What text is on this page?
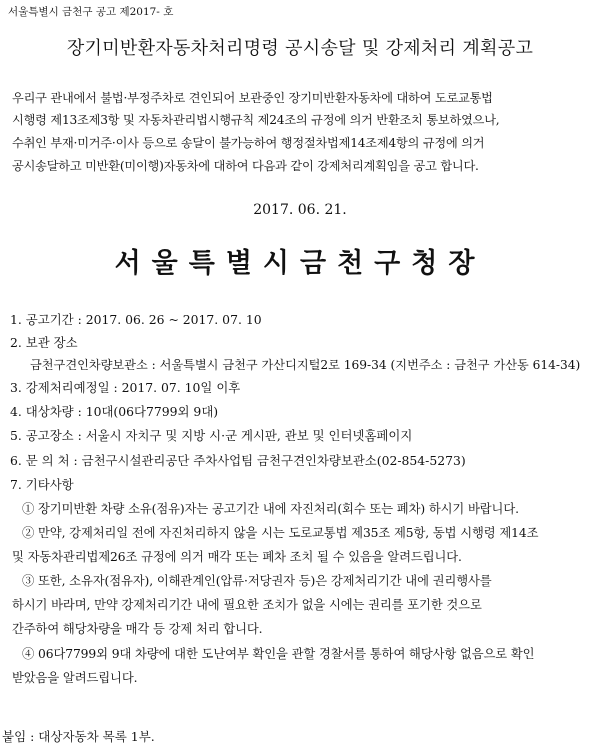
서울특별시 금천구 공고 제2017- 호
장기미반환자동차처리명령 공시송달 및 강제처리 계획공고
우리구 관내에서 불법·부정주차로 견인되어 보관중인 장기미반환자동차에 대하여 도로교통법
시행령 제13조제3항 및 자동차관리법시행규칙 제24조의 규정에 의거 반환조치 통보하였으나,
수취인 부재·미거주·이사 등으로 송달이 불가능하여 행정절차법제14조제4항의 규정에 의거
공시송달하고 미반환(미이행)자동차에 대하여 다음과 같이 강제처리계획임을 공고 합니다.
2017. 06. 21.
서울특별시금천구청장
1. 공고기간 : 2017. 06. 26 ~ 2017. 07. 10
2. 보관 장소
금천구견인차량보관소 : 서울특별시 금천구 가산디지털2로 169-34 (지번주소 : 금천구 가산동 614-34)
3. 강제처리예정일 : 2017. 07. 10일 이후
4. 대상차량 : 10대(06다7799외 9대)
5. 공고장소 : 서울시 자치구 및 지방 시·군 게시판, 관보 및 인터넷홈페이지
6. 문 의 처 : 금천구시설관리공단 주차사업팀 금천구견인차량보관소(02-854-5273)
7. 기타사항
① 장기미반환 차량 소유(점유)자는 공고기간 내에 자진처리(회수 또는 폐차) 하시기 바랍니다.
② 만약, 강제처리일 전에 자진처리하지 않을 시는 도로교통법 제35조 제5항, 동법 시행령 제14조
및 자동차관리법제26조 규정에 의거 매각 또는 폐차 조치 될 수 있음을 알려드립니다.
③ 또한, 소유자(점유자), 이해관계인(압류·저당권자 등)은 강제처리기간 내에 권리행사를
하시기 바라며, 만약 강제처리기간 내에 필요한 조치가 없을 시에는 권리를 포기한 것으로
간주하여 해당차량을 매각 등 강제 처리 합니다.
④ 06다7799외 9대 차량에 대한 도난여부 확인을 관할 경찰서를 통하여 해당사항 없음으로 확인
받았음을 알려드립니다.
붙임 : 대상자동차 목록 1부.
